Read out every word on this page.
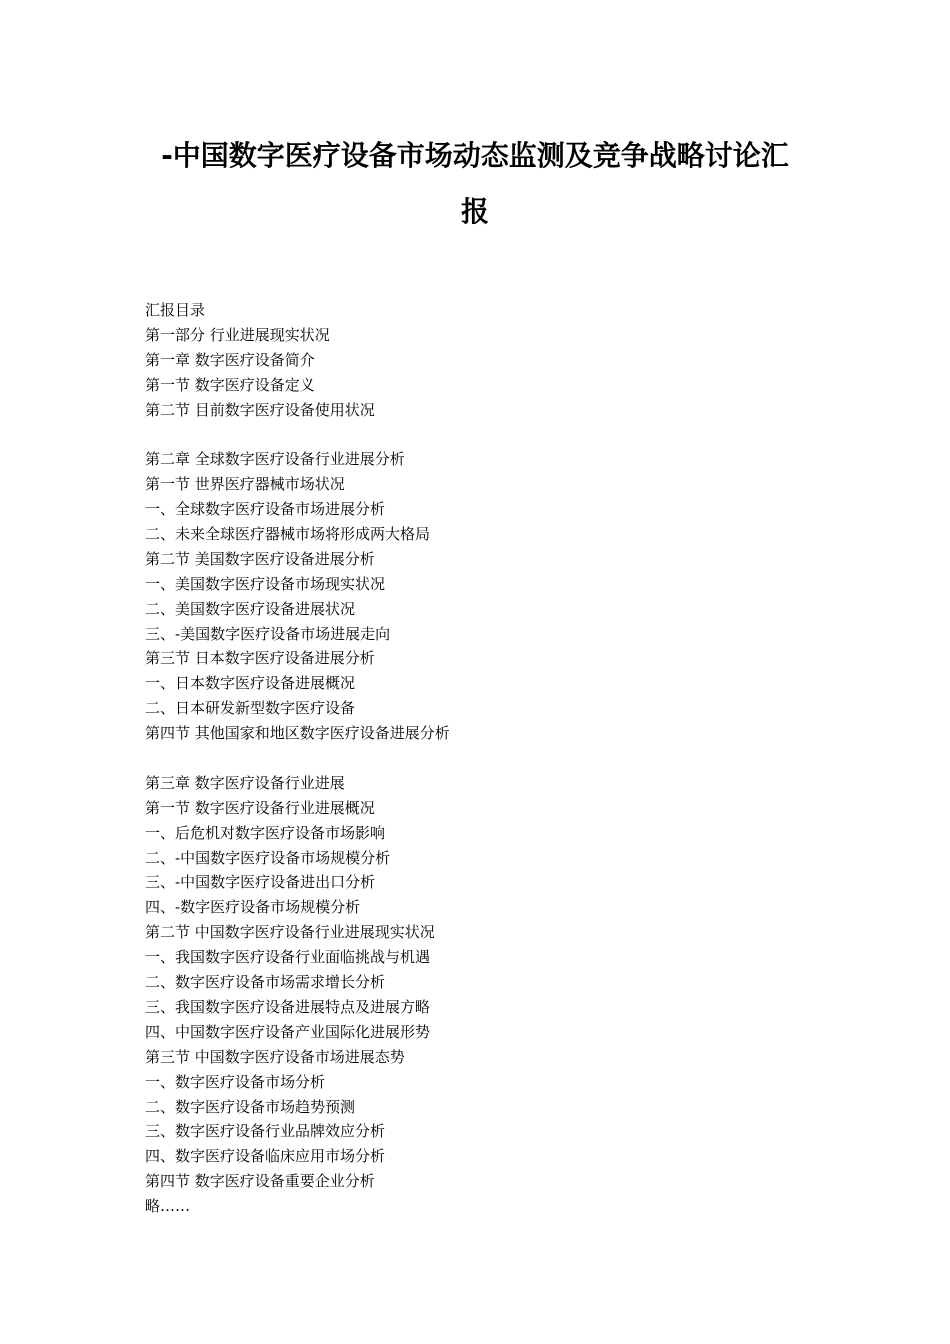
-中国数字医疗设备市场动态监测及竞争战略讨论汇
报
汇报目录
第一部分 行业进展现实状况
第一章 数字医疗设备简介
第一节 数字医疗设备定义
第二节 目前数字医疗设备使用状况
第二章 全球数字医疗设备行业进展分析
第一节 世界医疗器械市场状况
一、全球数字医疗设备市场进展分析
二、未来全球医疗器械市场将形成两大格局
第二节 美国数字医疗设备进展分析
一、美国数字医疗设备市场现实状况
二、美国数字医疗设备进展状况
三、-美国数字医疗设备市场进展走向
第三节 日本数字医疗设备进展分析
一、日本数字医疗设备进展概况
二、日本研发新型数字医疗设备
第四节 其他国家和地区数字医疗设备进展分析
第三章 数字医疗设备行业进展
第一节 数字医疗设备行业进展概况
一、后危机对数字医疗设备市场影响
二、-中国数字医疗设备市场规模分析
三、-中国数字医疗设备进出口分析
四、-数字医疗设备市场规模分析
第二节 中国数字医疗设备行业进展现实状况
一、我国数字医疗设备行业面临挑战与机遇
二、数字医疗设备市场需求增长分析
三、我国数字医疗设备进展特点及进展方略
四、中国数字医疗设备产业国际化进展形势
第三节 中国数字医疗设备市场进展态势
一、数字医疗设备市场分析
二、数字医疗设备市场趋势预测
三、数字医疗设备行业品牌效应分析
四、数字医疗设备临床应用市场分析
第四节 数字医疗设备重要企业分析
略……
